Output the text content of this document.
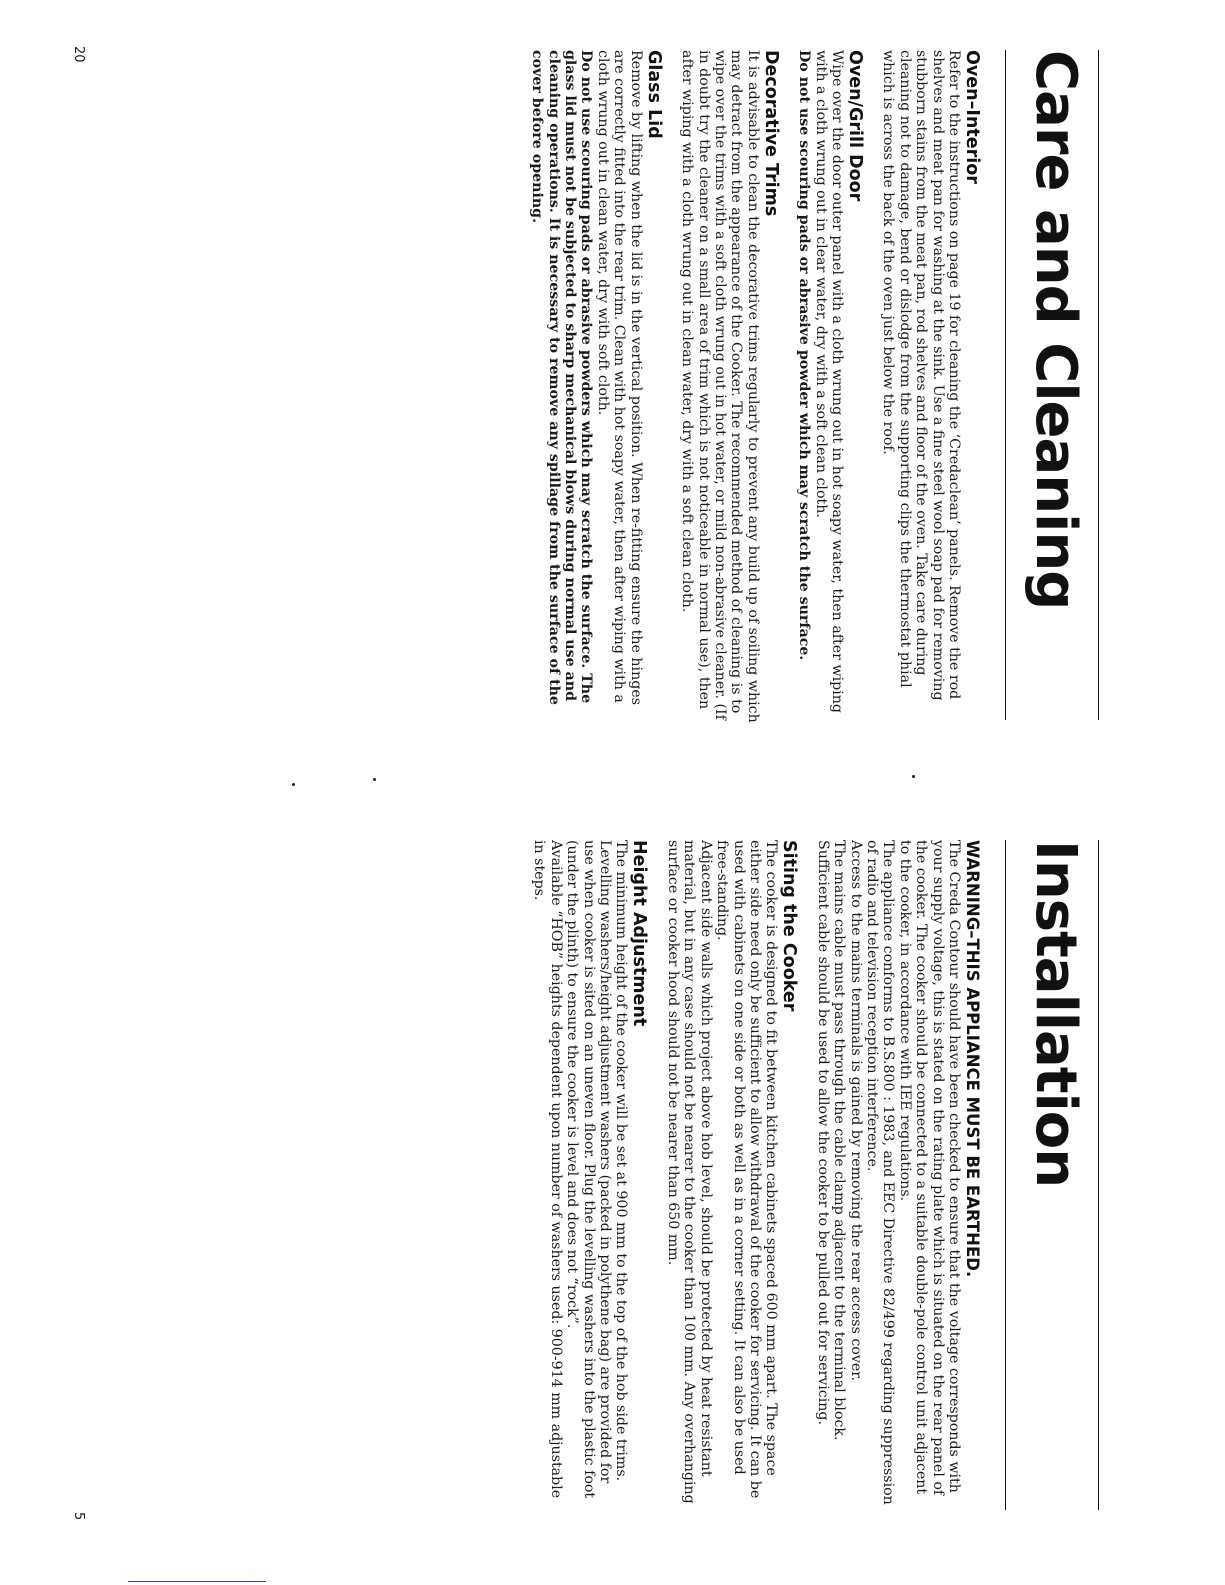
20
5
Care and Cleaning
Oven–Interior

Refer to the instructions on page 19 for cleaning the ‘Credaclean’ panels. Remove the rod shelves and meat pan for washing at the sink. Use a fine steel wool soap pad for removing stubborn stains from the meat pan, rod shelves and floor of the oven. Take care during cleaning not to damage, bend or dislodge from the supporting clips the thermostat phial which is across the back of the oven just below the roof.

Oven/Grill Door

Wipe over the door outer panel with a cloth wrung out in hot soapy water, then after wiping with a cloth wrung out in clear water, dry with a soft clean cloth.

Do not use scouring pads or abrasive powder which may scratch the surface.

Decorative Trims

It is advisable to clean the decorative trims regularly to prevent any build up of soiling which may detract from the appearance of the Cooker. The recommended method of cleaning is to wipe over the trims with a soft cloth wrung out in hot water, or mild non-abrasive cleaner. (If in doubt try the cleaner on a small area of trim which is not noticeable in normal use), then after wiping with a cloth wrung out in clean water, dry with a soft clean cloth.

Glass Lid

Remove by lifting when the lid is in the vertical position. When re-fitting ensure the hinges are correctly fitted into the rear trim. Clean with hot soapy water, then after wiping with a cloth wrung out in clean water, dry with soft cloth.

Do not use scouring pads or abrasive powders which may scratch the surface. The glass lid must not be subjected to sharp mechanical blows during normal use and cleaning operations. It is necessary to remove any spillage from the surface of the cover before opening.

Installation
WARNING–THIS APPLIANCE MUST BE EARTHED.

The Creda Contour should have been checked to ensure that the voltage corresponds with your supply voltage, this is stated on the rating plate which is situated on the rear panel of the cooker. The cooker should be connected to a suitable double-pole control unit adjacent to the cooker, in accordance with IEE regulations.

The appliance conforms to B.S.800 : 1983, and EEC Directive 82/499 regarding suppression of radio and television reception interference.

Access to the mains terminals is gained by removing the rear access cover.

The mains cable must pass through the cable clamp adjacent to the terminal block. Sufficient cable should be used to allow the cooker to be pulled out for servicing.

Siting the Cooker

The cooker is designed to fit between kitchen cabinets spaced 600 mm apart. The space either side need only be sufficient to allow withdrawal of the cooker for servicing. It can be used with cabinets on one side or both as well as in a corner setting. It can also be used free-standing.

Adjacent side walls which project above hob level, should be protected by heat resistant material, but in any case should not be nearer to the cooker than 100 mm. Any overhanging surface or cooker hood should not be nearer than 650 mm.

Height Adjustment

The minimum height of the cooker will be set at 900 mm to the top of the hob side trims.

Levelling washers/height adjustment washers (packed in polythene bag) are provided for use when cooker is sited on an uneven floor. Plug the levelling washers into the plastic foot (under the plinth) to ensure the cooker is level and does not “rock”.

Available “HOB” heights dependent upon number of washers used: 900-914 mm adjustable in steps.
